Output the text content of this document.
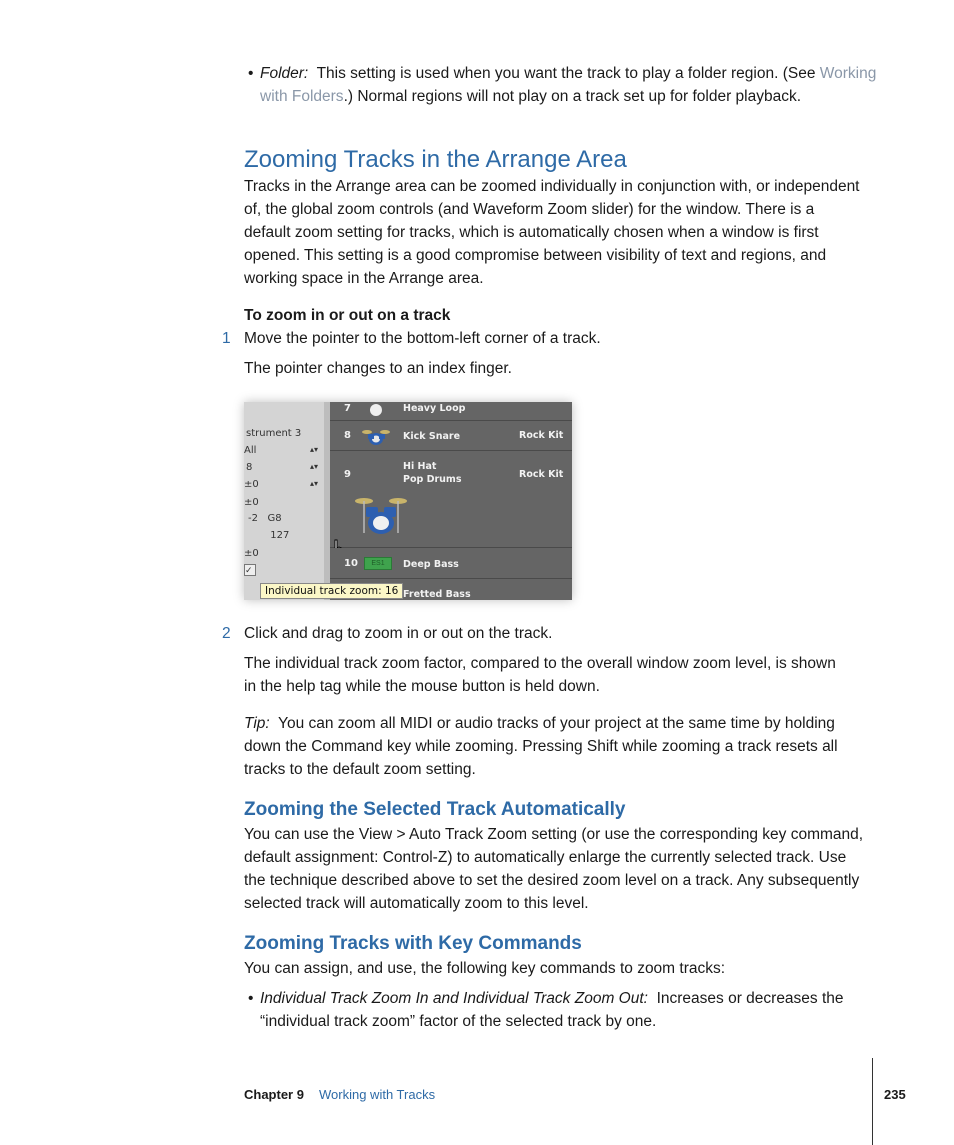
• Folder:  This setting is used when you want the track to play a folder region. (See Working
with Folders.) Normal regions will not play on a track set up for folder playback.
Zooming Tracks in the Arrange Area
Tracks in the Arrange area can be zoomed individually in conjunction with, or independent
of, the global zoom controls (and Waveform Zoom slider) for the window. There is a
default zoom setting for tracks, which is automatically chosen when a window is first
opened. This setting is a good compromise between visibility of text and regions, and
working space in the Arrange area.
To zoom in or out on a track
1 Move the pointer to the bottom-left corner of a track.
The pointer changes to an index finger.
strument 3
All	▴▾
8	▴▾
±0	▴▾
±0
-2   G8
127
±0
✓
7	Heavy Loop
8	Kick Snare	Rock Kit
9
Hi Hat
Pop Drums	Rock Kit
10	ES1	Deep Bass
Fretted Bass
Individual track zoom: 16
2 Click and drag to zoom in or out on the track.
The individual track zoom factor, compared to the overall window zoom level, is shown
in the help tag while the mouse button is held down.
Tip:  You can zoom all MIDI or audio tracks of your project at the same time by holding
down the Command key while zooming. Pressing Shift while zooming a track resets all
tracks to the default zoom setting.
Zooming the Selected Track Automatically
You can use the View > Auto Track Zoom setting (or use the corresponding key command,
default assignment: Control-Z) to automatically enlarge the currently selected track. Use
the technique described above to set the desired zoom level on a track. Any subsequently
selected track will automatically zoom to this level.
Zooming Tracks with Key Commands
You can assign, and use, the following key commands to zoom tracks:
• Individual Track Zoom In and Individual Track Zoom Out:  Increases or decreases the
“individual track zoom” factor of the selected track by one.
Chapter 9 Working with Tracks	235
